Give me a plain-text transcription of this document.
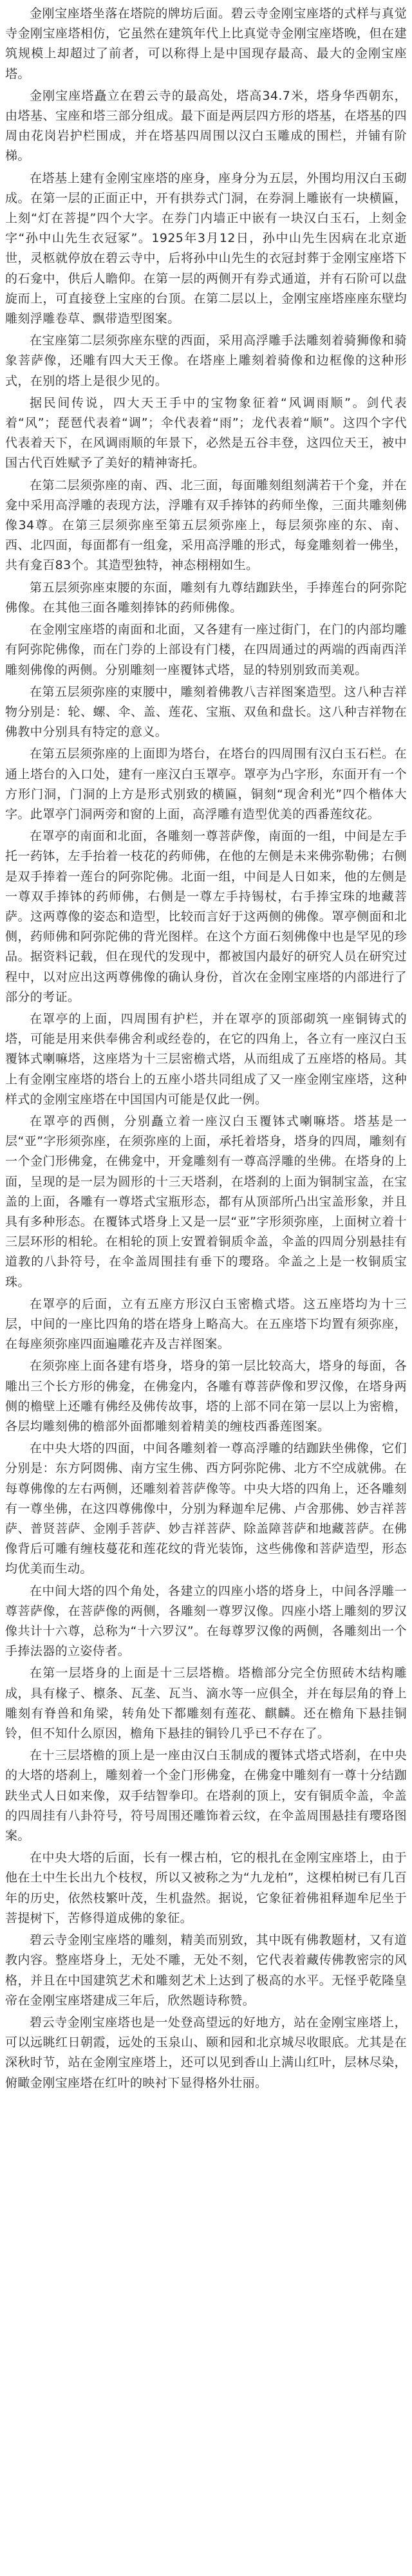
金刚宝座塔坐落在塔院的牌坊后面。碧云寺金刚宝座塔的式样与真觉寺金刚宝座塔相仿，它虽然在建筑年代上比真觉寺金刚宝座塔晚，但在建筑规模上却超过了前者，可以称得上是中国现存最高、最大的金刚宝座塔。

金刚宝座塔矗立在碧云寺的最高处，塔高34.7米，塔身华西朝东，由塔基、宝座和塔三部分组成。最下面是两层四方形的塔基，在塔基的四周由花岗岩护栏围成，并在塔基四周围以汉白玉雕成的围栏，并铺有阶梯。

在塔基上建有金刚宝座塔的座身，座身分为五层，外围均用汉白玉砌成。在第一层的正面正中，开有拱券式门洞，在券洞上雕嵌有一块横匾，上刻“灯在菩提”四个大字。在券门内墙正中嵌有一块汉白玉石，上刻金字“孙中山先生衣冠冢”。1925年3月12日，孙中山先生因病在北京逝世，灵柩就停放在碧云寺中，后将孙中山先生的衣冠封葬于金刚宝座塔下的石龛中，供后人瞻仰。在第一层的两侧开有券式通道，并有石阶可以盘旋而上，可直接登上宝座的台顶。在第二层以上，金刚宝座塔座座东壁均雕刻浮雕卷草、飘带造型图案。

在宝座第二层须弥座东壁的西面，采用高浮雕手法雕刻着骑狮像和骑象菩萨像，还雕有四大天王像。在塔座上雕刻着骑像和边框像的这种形式，在别的塔上是很少见的。

据民间传说，四大天王手中的宝物象征着“风调雨顺”。剑代表着“风”；琵琶代表着“调”；伞代表着“雨”；龙代表着“顺”。这四个字代代表着天下，在风调雨顺的年景下，必然是五谷丰登，这四位天王，被中国古代百姓赋予了美好的精神寄托。

在第二层须弥座的南、西、北三面，每面雕刻组刻满若干个龛，并在龛中采用高浮雕的表现方法，浮雕有双手捧钵的药师坐像，三面共雕刻佛像34尊。在第三层须弥座至第五层须弥座上，每层须弥座的东、南、西、北四面，每面都有一组龛，采用高浮雕的形式，每龛雕刻着一佛坐，共有龛百83个。其造型独特，神态栩栩如生。

第五层须弥座束腰的东面，雕刻有九尊结跏趺坐，手捧莲台的阿弥陀佛像。在其他三面各雕刻捧钵的药师佛像。

在金刚宝座塔的南面和北面，又各建有一座过街门，在门的内部均雕有阿弥陀佛像，而在门券的上部设有门楼，在四周通过的两端的西南西洋雕刻佛像的两侧。分别雕刻一座覆钵式塔，显的特别别致而美观。

在第五层须弥座的束腰中，雕刻着佛教八吉祥图案造型。这八种吉祥物分别是：轮、螺、伞、盖、莲花、宝瓶、双鱼和盘长。这八种吉祥物在佛教中分别具有特定的意义。

在第五层须弥座的上面即为塔台，在塔台的四周围有汉白玉石栏。在通上塔台的入口处，建有一座汉白玉罩亭。罩亭为凸字形，东面开有一个方形门洞，门洞的上方是形式别致的横匾，铜刻“现舍利光”四个楷体大字。此罩亭门洞两旁和窗的上面，高浮雕有造型优美的西番莲纹花。

在罩亭的南面和北面，各雕刻一尊菩萨像，南面的一组，中间是左手托一药钵，左手抬着一枝花的药师佛，在他的左侧是未来佛弥勒佛；右侧是双手捧着一莲台的阿弥陀佛。北面一组，中间是人日如来，他的左侧是一尊双手捧钵的药师佛，右侧是一尊左手持锡杖，右手捧宝珠的地藏菩萨。这两尊像的姿态和造型，比较而言好于这两侧的佛像。罩亭侧面和北侧，药师佛和阿弥陀佛的背光图样。在这个方面石刻佛像中也是罕见的珍品。据资料记载，但在现代的发现中，都被国内最好的研究人员在研究过程中，以对应出这两尊佛像的确认身份，首次在金刚宝座塔的内部进行了部分的考证。

在罩亭的上面，四周围有护栏，并在罩亭的顶部砌筑一座铜铸式的塔，可能是用来供奉佛舍利或经卷的，在它的四角上，各立有一座汉白玉覆钵式喇嘛塔，这座塔为十三层密檐式塔，从而组成了五座塔的格局。其上有金刚宝座塔的塔台上的五座小塔共同组成了又一座金刚宝座塔，这种样式的金刚宝座塔在中国国内可能是仅此一例。

在罩亭的西侧，分别矗立着一座汉白玉覆钵式喇嘛塔。塔基是一层“亚”字形须弥座，在须弥座的上面，承托着塔身，塔身的四周，雕刻有一个金门形佛龛，在佛龛中，开龛雕刻有一尊高浮雕的坐佛。在塔身的上面，呈现的是一层为圆形的十三天塔刹，在塔刹的上面为铜制宝盖，在宝盖的上面，各雕有一尊塔式宝瓶形态，都有从顶部所凸出宝盖形象，并且具有多种形态。在覆钵式塔身上又是一层“亚”字形须弥座，上面树立着十三层环形的相轮。在相轮的顶上安置着铜质伞盖，伞盖的四周分别悬挂有道教的八卦符号，在伞盖周围挂有垂下的璎珞。伞盖之上是一枚铜质宝珠。

在罩亭的后面，立有五座方形汉白玉密檐式塔。这五座塔均为十三层，中间的一座比四角的塔在塔身上略高大。在五座塔下均置有须弥座，在每座须弥座四面遍雕花卉及吉祥图案。

在须弥座上面各建有塔身，塔身的第一层比较高大，塔身的每面，各雕出三个长方形的佛龛，在佛龛内，各雕有尊菩萨像和罗汉像，在塔身两侧的檐壁上还雕有佛经及佛传故事，塔的上部不同在第一层以上为密檐，各层均雕刻佛的檐部外面都雕刻着精美的缠枝西番莲图案。

在中央大塔的四面，中间各雕刻着一尊高浮雕的结跏趺坐佛像，它们分别是：东方阿閦佛、南方宝生佛、西方阿弥陀佛、北方不空成就佛。在每尊佛像的左右两侧，还雕刻着菩萨像等。中央大塔的四角上，还各雕刻有一尊坐佛，在这四尊佛像中，分别为释迦牟尼佛、卢舍那佛、妙吉祥菩萨、普贤菩萨、金刚手菩萨、妙吉祥菩萨、除盖障菩萨和地藏菩萨。在佛像背后可雕有缠枝蔓花和莲花纹的背光装饰，这些佛像和菩萨造型，形态均优美而生动。

在中间大塔的四个角处，各建立的四座小塔的塔身上，中间各浮雕一尊菩萨像，在菩萨像的两侧，各雕刻一尊罗汉像。四座小塔上雕刻的罗汉像共计十六尊，总称为“十六罗汉”。在每尊罗汉像的两侧，各雕刻出一个手捧法器的立姿侍者。

在第一层塔身的上面是十三层塔檐。塔檐部分完全仿照砖木结构雕成，具有椽子、檩条、瓦垄、瓦当、滴水等一应俱全，并在每层角的脊上雕刻有脊兽和角梁，转角处下都雕刻有莲花、麒麟。还在檐角下悬挂铜铃，但不知什么原因，檐角下悬挂的铜铃几乎已不存在了。

在十三层塔檐的顶上是一座由汉白玉制成的覆钵式塔式塔刹，在中央的大塔的塔刹上，雕刻着一个金门形佛龛，在佛龛中雕刻有一尊十分结跏趺坐式人日如来像，双手结智拳印。在塔刹的顶上，安有铜质伞盖，伞盖的四周挂有八卦符号，符号周围还雕饰着云纹，在伞盖周围悬挂有璎珞图案。

在中央大塔的后面，长有一棵古柏，它的根扎在金刚宝座塔上，由于他在土中生长出九个枝杈，所以又被称之为“九龙柏”，这棵柏树已有几百年的历史，依然枝繁叶茂，生机盎然。据说，它象征着佛祖释迦牟尼坐于菩提树下，苦修得道成佛的象征。

碧云寺金刚宝座塔的雕刻，精美而别致，其中既有佛教题材，又有道教内容。整座塔身上，无处不雕，无处不刻，它代表着藏传佛教密宗的风格，并且在中国建筑艺术和雕刻艺术上达到了极高的水平。无怪乎乾隆皇帝在金刚宝座塔建成三年后，欣然题诗称赞。

碧云寺金刚宝座塔也是一处登高望远的好地方，站在金刚宝座塔上，可以远眺红日朝霞，远处的玉泉山、颐和园和北京城尽收眼底。尤其是在深秋时节，站在金刚宝座塔上，还可以见到香山上满山红叶，层林尽染，俯瞰金刚宝座塔在红叶的映衬下显得格外壮丽。
